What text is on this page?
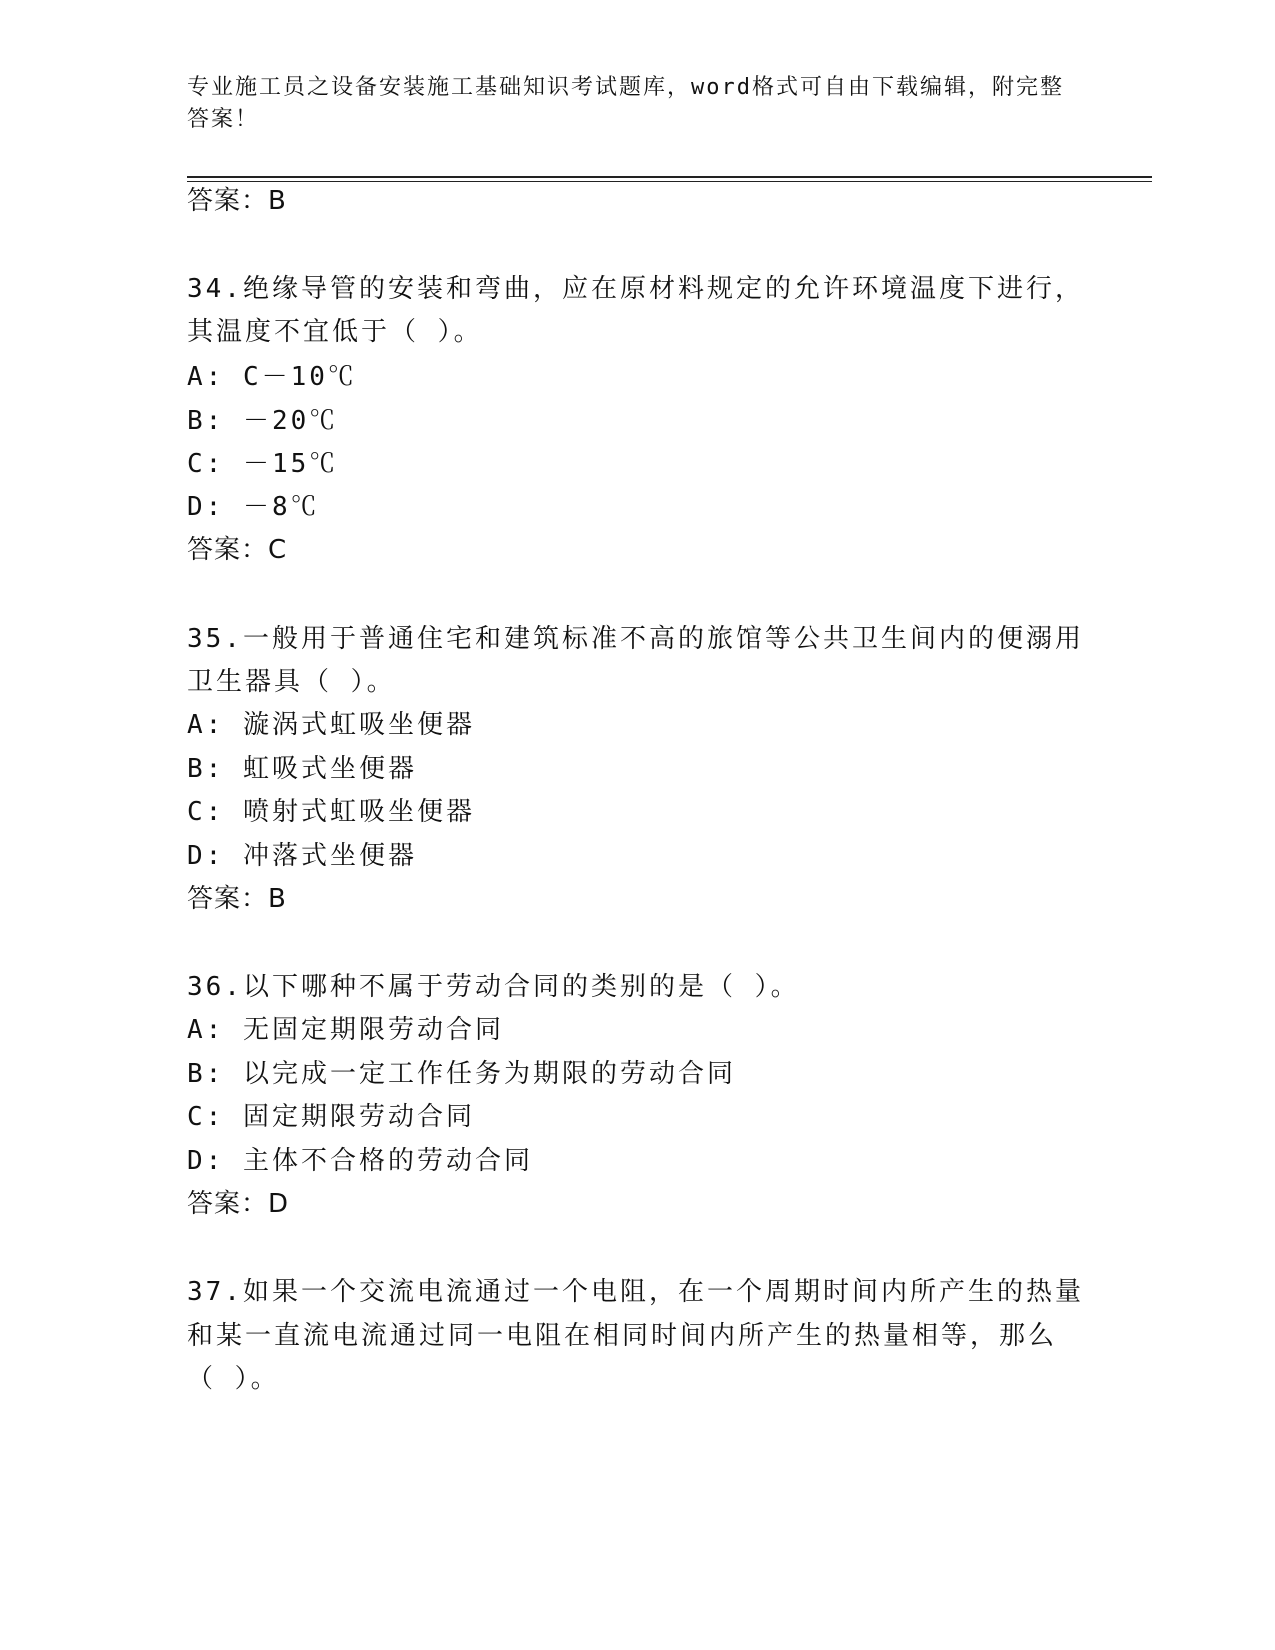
专业施工员之设备安装施工基础知识考试题库，word格式可自由下载编辑，附完整答案！
答案：B
34.绝缘导管的安装和弯曲，应在原材料规定的允许环境温度下进行，
其温度不宜低于（ ）。
A: C－10℃
B: －20℃
C: －15℃
D: －8℃
答案：C
35.一般用于普通住宅和建筑标准不高的旅馆等公共卫生间内的便溺用
卫生器具（ ）。
A: 漩涡式虹吸坐便器
B: 虹吸式坐便器
C: 喷射式虹吸坐便器
D: 冲落式坐便器
答案：B
36.以下哪种不属于劳动合同的类别的是（ ）。
A: 无固定期限劳动合同
B: 以完成一定工作任务为期限的劳动合同
C: 固定期限劳动合同
D: 主体不合格的劳动合同
答案：D
37.如果一个交流电流通过一个电阻，在一个周期时间内所产生的热量
和某一直流电流通过同一电阻在相同时间内所产生的热量相等，那么
（ ）。
